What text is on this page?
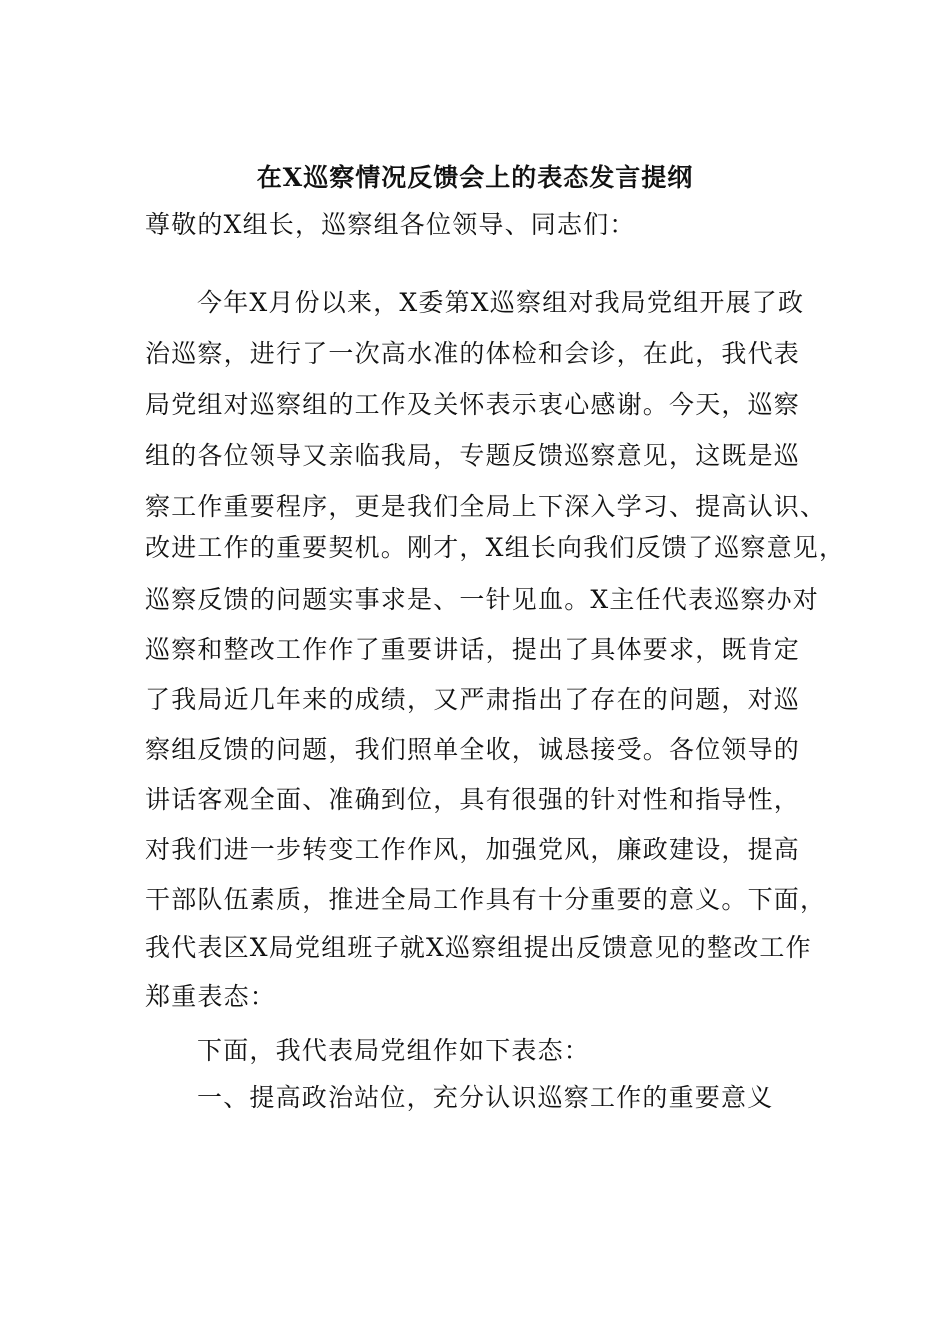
在X巡察情况反馈会上的表态发言提纲
尊敬的X组长，巡察组各位领导、同志们：
今年X月份以来，X委第X巡察组对我局党组开展了政
治巡察，进行了一次高水准的体检和会诊，在此，我代表
局党组对巡察组的工作及关怀表示衷心感谢。今天，巡察
组的各位领导又亲临我局，专题反馈巡察意见，这既是巡
察工作重要程序，更是我们全局上下深入学习、提高认识、
改进工作的重要契机。刚才，X组长向我们反馈了巡察意见，
巡察反馈的问题实事求是、一针见血。X主任代表巡察办对
巡察和整改工作作了重要讲话，提出了具体要求，既肯定
了我局近几年来的成绩，又严肃指出了存在的问题，对巡
察组反馈的问题，我们照单全收，诚恳接受。各位领导的
讲话客观全面、准确到位，具有很强的针对性和指导性，
对我们进一步转变工作作风，加强党风，廉政建设，提高
干部队伍素质，推进全局工作具有十分重要的意义。下面，
我代表区X局党组班子就X巡察组提出反馈意见的整改工作
郑重表态：
下面，我代表局党组作如下表态：
一、提高政治站位，充分认识巡察工作的重要意义
